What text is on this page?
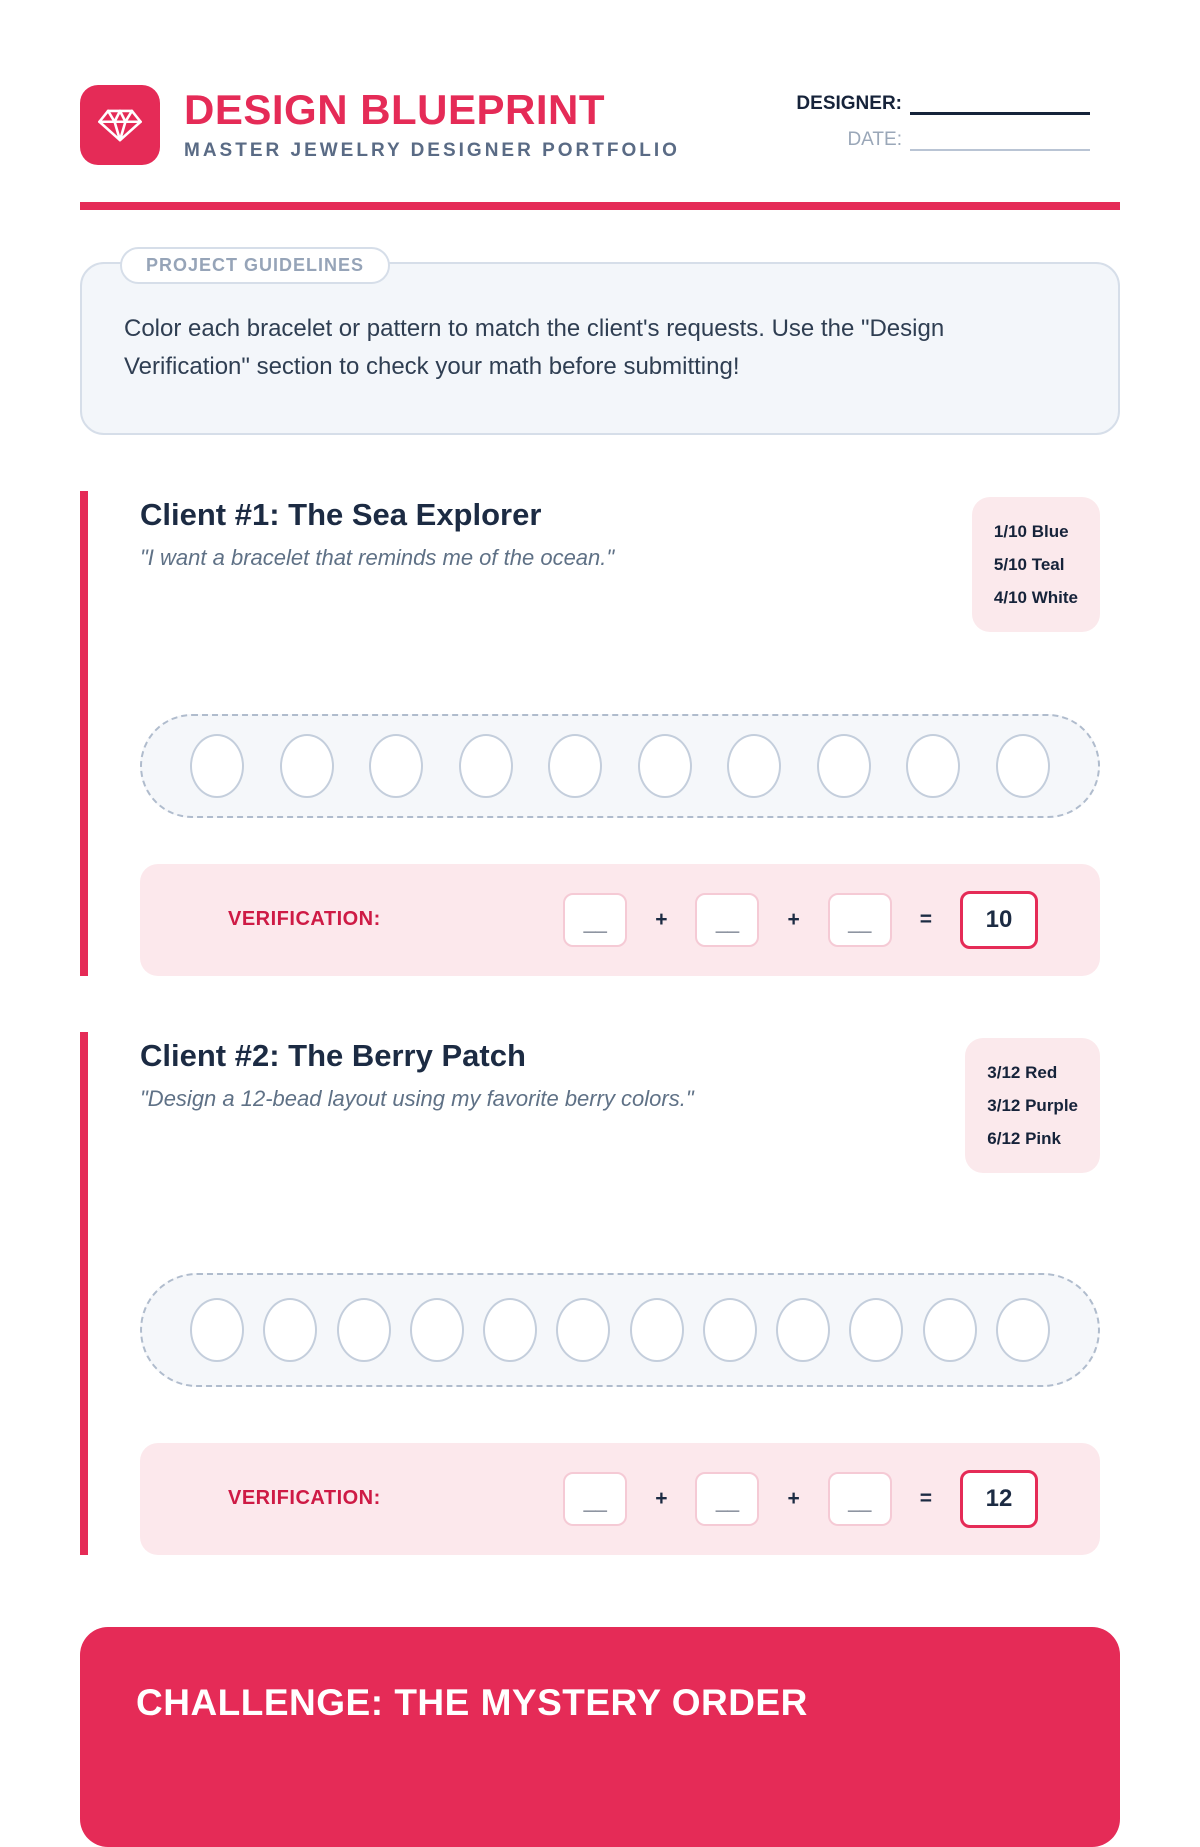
DESIGN BLUEPRINT
MASTER JEWELRY DESIGNER PORTFOLIO
DESIGNER:
DATE:
PROJECT GUIDELINES

Color each bracelet or pattern to match the client's requests. Use the "Design Verification" section to check your math before submitting!

Client #1: The Sea Explorer

"I want a bracelet that reminds me of the ocean."

1/10 Blue
5/10 Teal
4/10 White
VERIFICATION:	__	+	__	+	__	=	10
Client #2: The Berry Patch

"Design a 12-bead layout using my favorite berry colors."

3/12 Red
3/12 Purple
6/12 Pink
VERIFICATION:	__	+	__	+	__	=	12
CHALLENGE: THE MYSTERY ORDER
